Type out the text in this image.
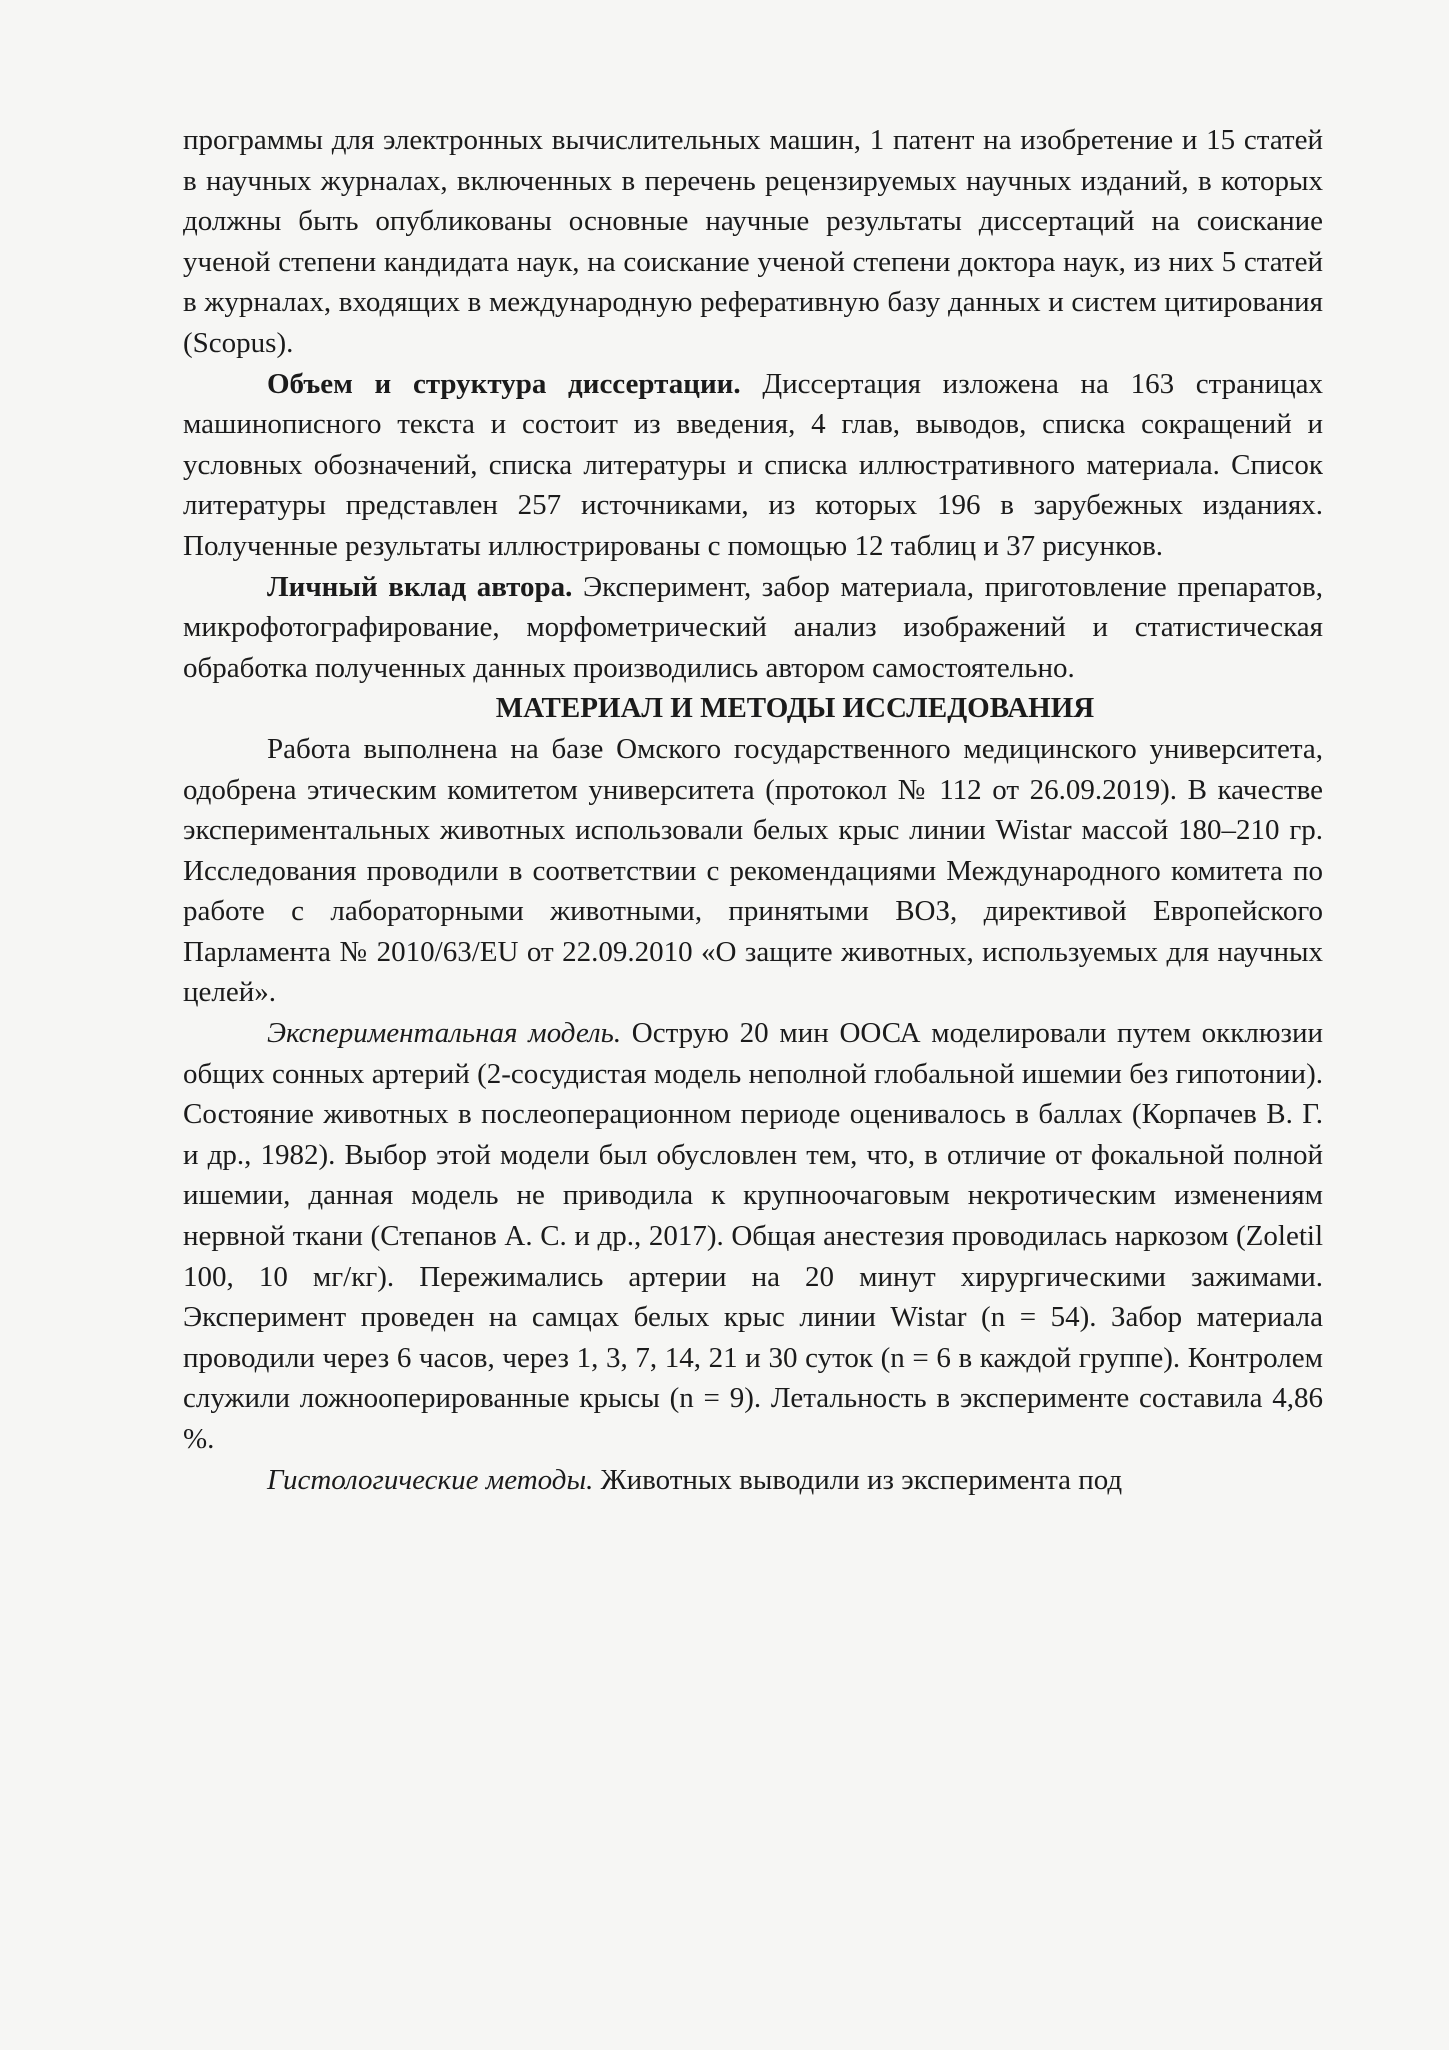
программы для электронных вычислительных машин, 1 патент на изобретение и 15 статей в научных журналах, включенных в перечень рецензируемых научных изданий, в которых должны быть опубликованы основные научные результаты диссертаций на соискание ученой степени кандидата наук, на соискание ученой степени доктора наук, из них 5 статей в журналах, входящих в международную реферативную базу данных и систем цитирования (Scopus).

Объем и структура диссертации. Диссертация изложена на 163 страницах машинописного текста и состоит из введения, 4 глав, выводов, списка сокращений и условных обозначений, списка литературы и списка иллюстративного материала. Список литературы представлен 257 источниками, из которых 196 в зарубежных изданиях. Полученные результаты иллюстрированы с помощью 12 таблиц и 37 рисунков.

Личный вклад автора. Эксперимент, забор материала, приготовление препаратов, микрофотографирование, морфометрический анализ изображений и статистическая обработка полученных данных производились автором самостоятельно.

МАТЕРИАЛ И МЕТОДЫ ИССЛЕДОВАНИЯ

Работа выполнена на базе Омского государственного медицинского университета, одобрена этическим комитетом университета (протокол № 112 от 26.09.2019). В качестве экспериментальных животных использовали белых крыс линии Wistar массой 180–210 гр. Исследования проводили в соответствии с рекомендациями Международного комитета по работе с лабораторными животными, принятыми ВОЗ, директивой Европейского Парламента № 2010/63/EU от 22.09.2010 «О защите животных, используемых для научных целей».

Экспериментальная модель. Острую 20 мин ООСА моделировали путем окклюзии общих сонных артерий (2-сосудистая модель неполной глобальной ишемии без гипотонии). Состояние животных в послеоперационном периоде оценивалось в баллах (Корпачев В. Г. и др., 1982). Выбор этой модели был обусловлен тем, что, в отличие от фокальной полной ишемии, данная модель не приводила к крупноочаговым некротическим изменениям нервной ткани (Степанов А. С. и др., 2017). Общая анестезия проводилась наркозом (Zoletil 100, 10 мг/кг). Пережимались артерии на 20 минут хирургическими зажимами. Эксперимент проведен на самцах белых крыс линии Wistar (n = 54). Забор материала проводили через 6 часов, через 1, 3, 7, 14, 21 и 30 суток (n = 6 в каждой группе). Контролем служили ложнооперированные крысы (n = 9). Летальность в эксперименте составила 4,86 %.

Гистологические методы. Животных выводили из эксперимента под
